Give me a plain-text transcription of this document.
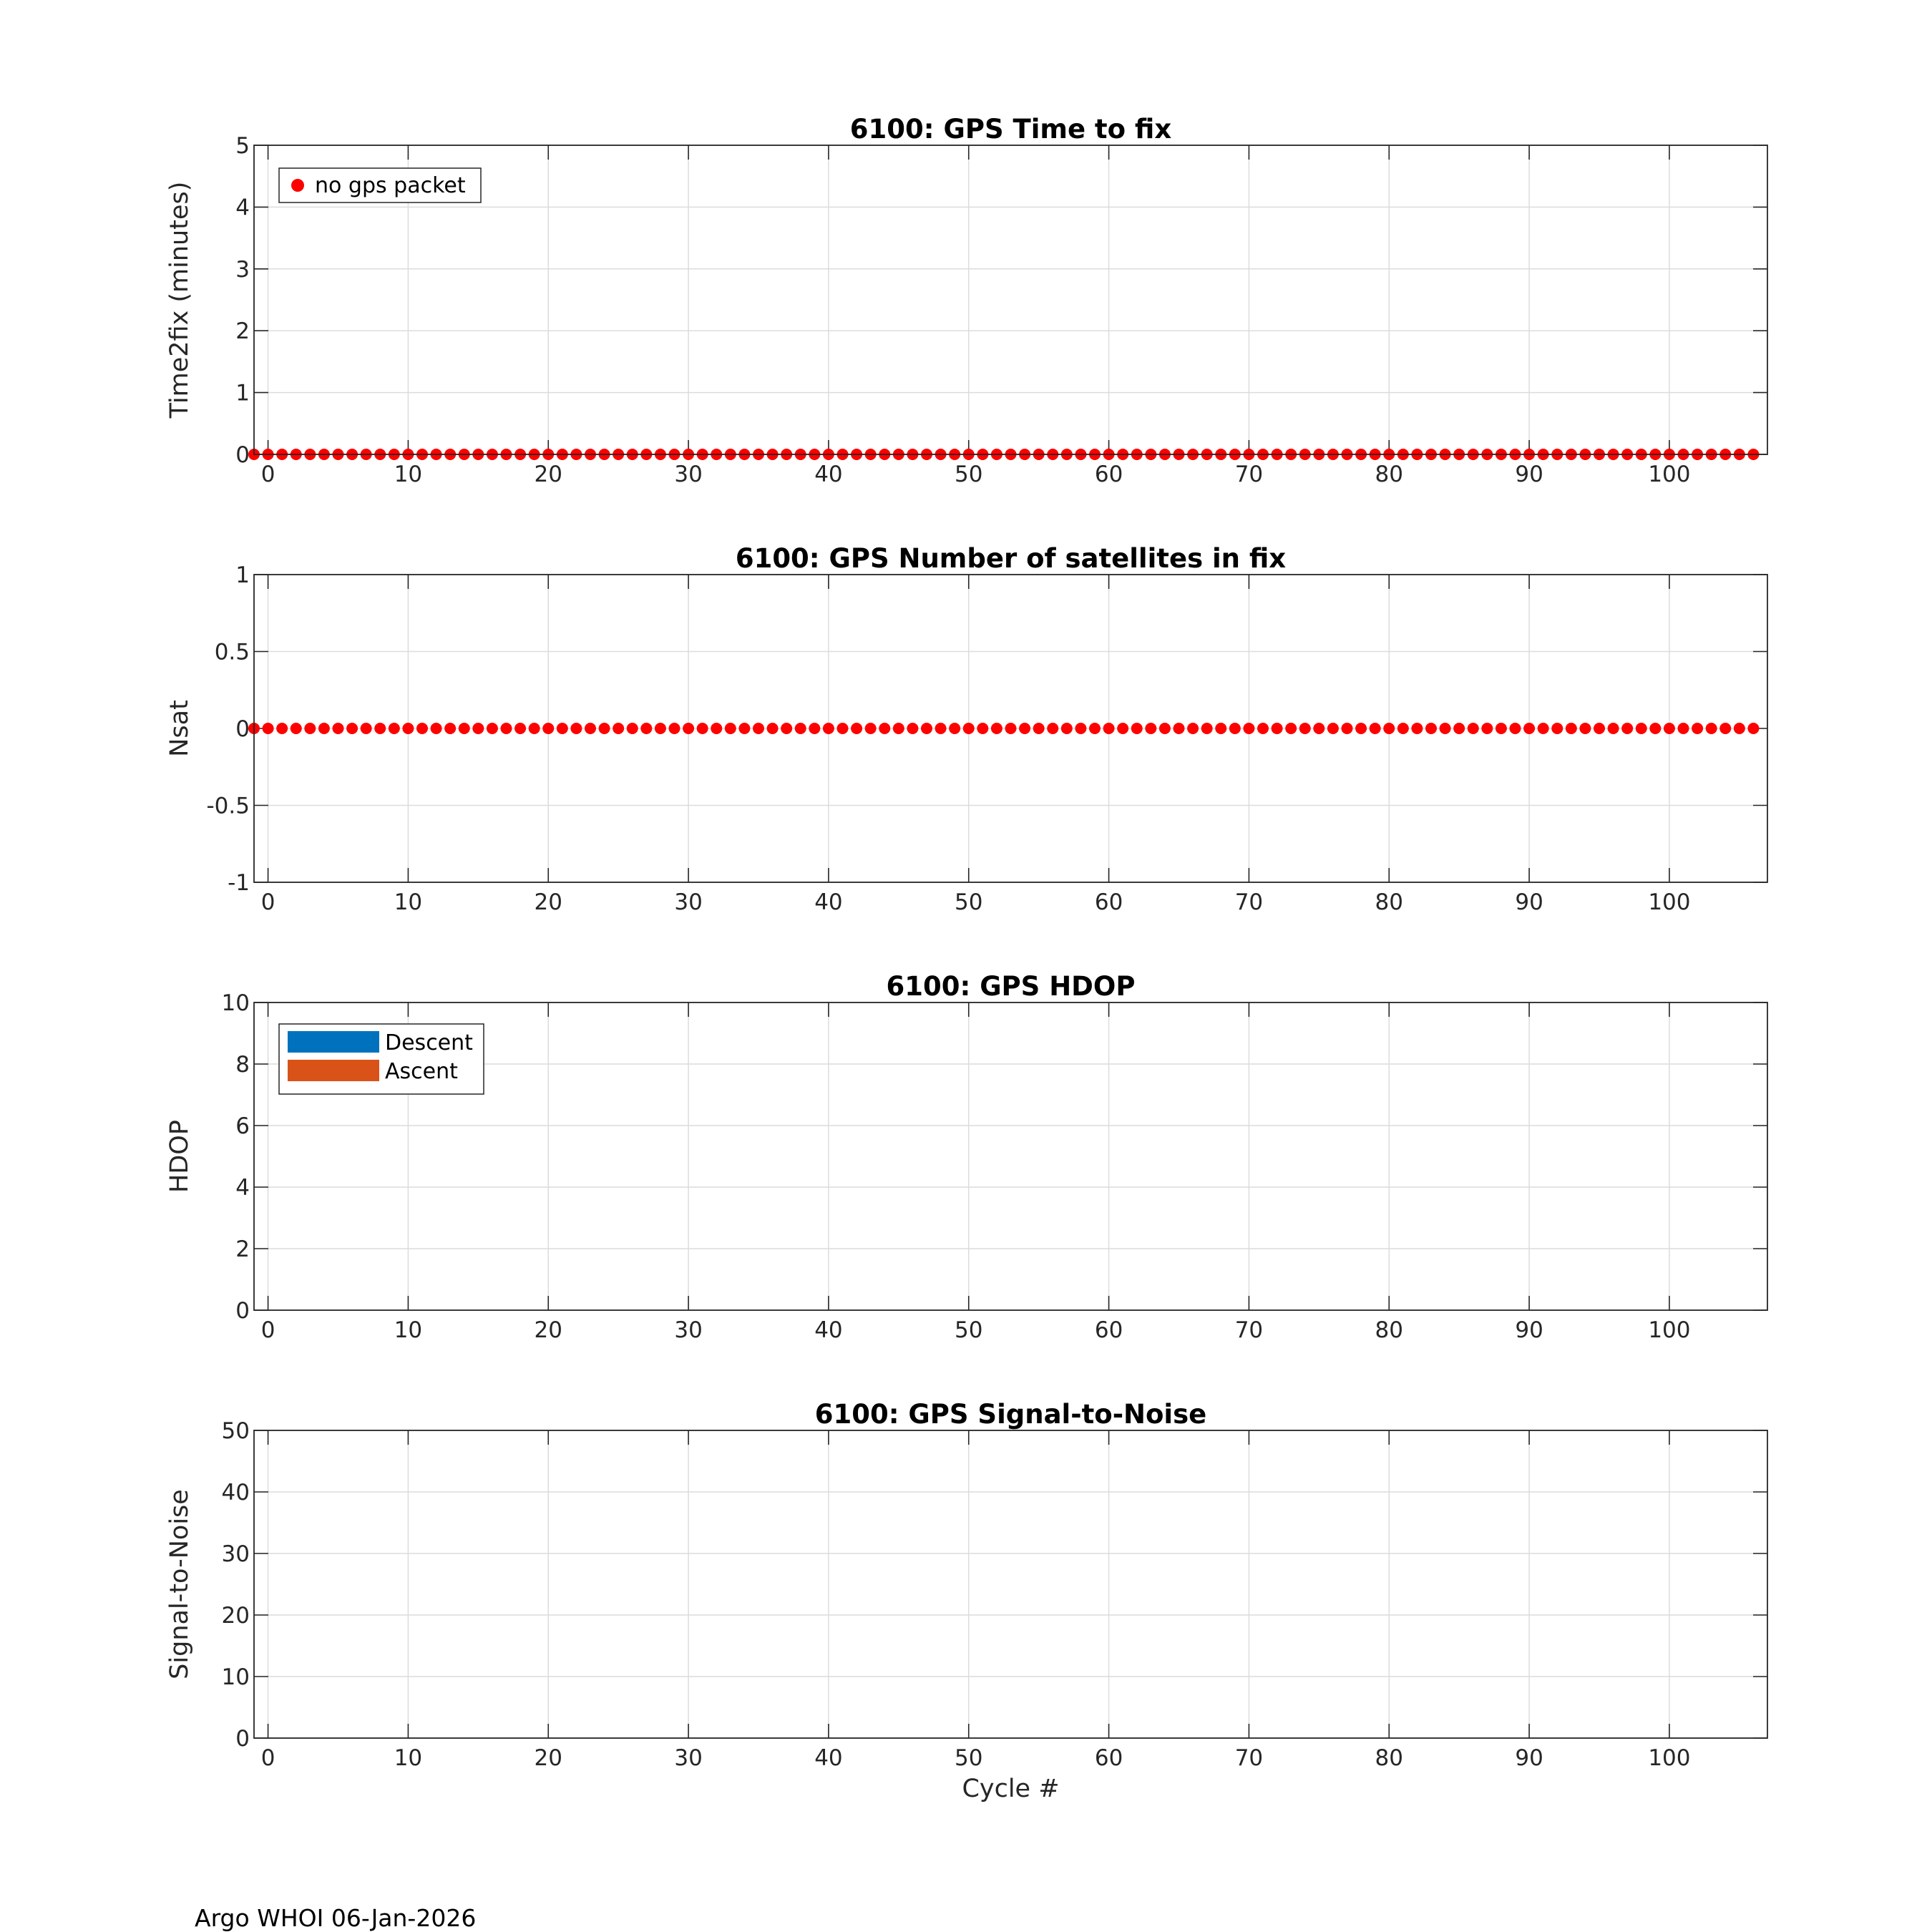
0	10	20	30	40	50	60	70	80	90	100
0
1
2
3
4
5
6100: GPS Time to fix
Time2fix (minutes)	no gps packet
0	10	20	30	40	50	60	70	80	90	100
-1
-0.5
0
0.5
1
6100: GPS Number of satellites in fix
Nsat
0	10	20	30	40	50	60	70	80	90	100
0
2
4
6
8
10
6100: GPS HDOP
HDOP
Descent
Ascent
0	10	20	30	40	50	60	70	80	90	100
0
10
20
30
40
50
6100: GPS Signal-to-Noise
Signal-to-Noise
Cycle #
Argo WHOI 06-Jan-2026
